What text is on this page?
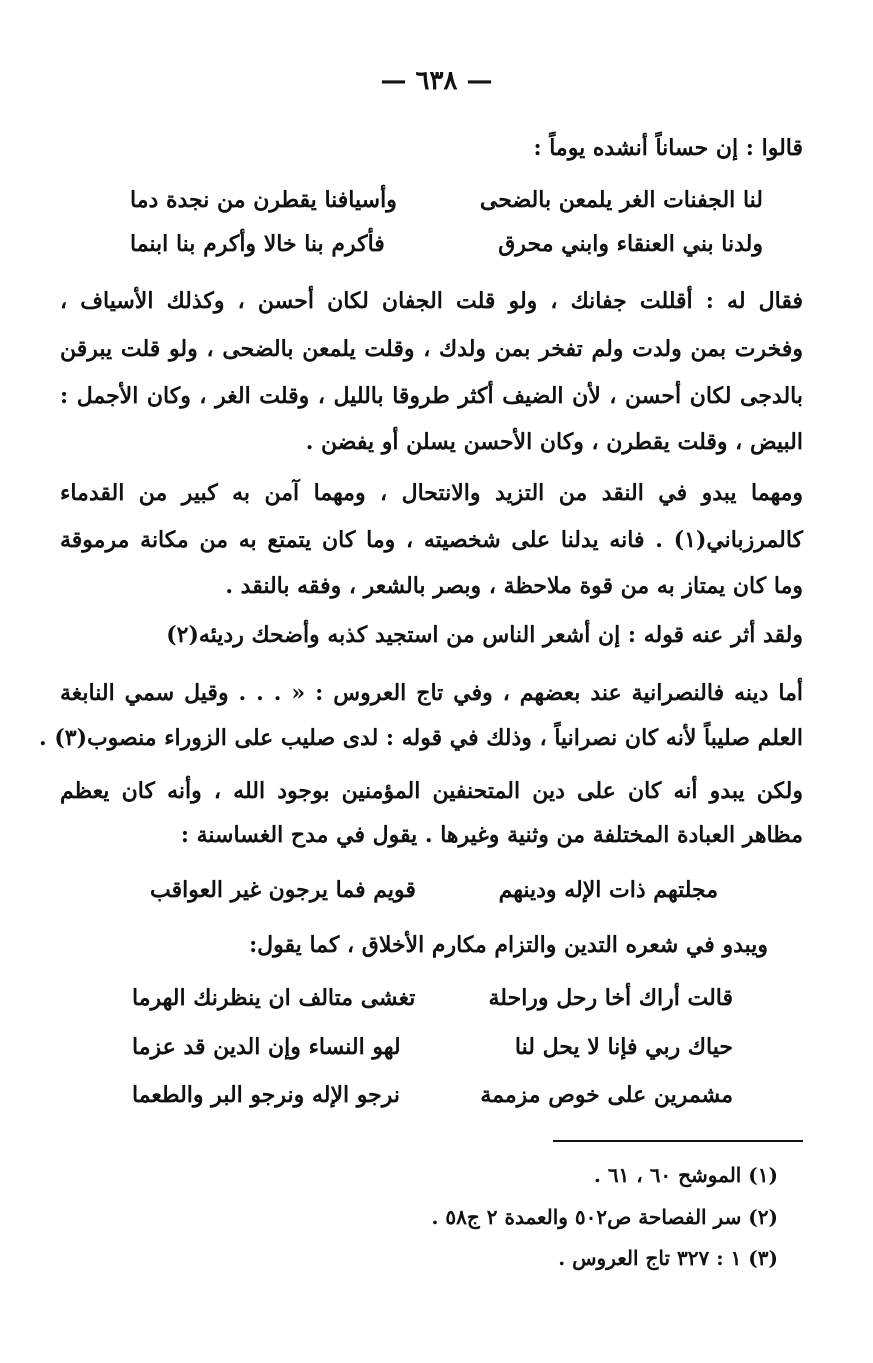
— ٦٣٨ —
قالوا : إن حساناً أنشده يوماً :
لنا الجفنات الغر يلمعن بالضحى
وأسيافنا يقطرن من نجدة دما
ولدنا بني العنقاء وابني محرق
فأكرم بنا خالا وأكرم بنا ابنما
فقال له : أقللت جفانك ، ولو قلت الجفان لكان أحسن ، وكذلك الأسياف ،
وفخرت بمن ولدت ولم تفخر بمن ولدك ، وقلت يلمعن بالضحى ، ولو قلت يبرقن
بالدجى لكان أحسن ، لأن الضيف أكثر طروقا بالليل ، وقلت الغر ، وكان الأجمل :
البيض ، وقلت يقطرن ، وكان الأحسن يسلن أو يفضن .
ومهما يبدو في النقد من التزيد والانتحال ، ومهما آمن به كبير من القدماء
كالمرزباني(١) . فانه يدلنا على شخصيته ، وما كان يتمتع به من مكانة مرموقة
وما كان يمتاز به من قوة ملاحظة ، وبصر بالشعر ، وفقه بالنقد .
ولقد أثر عنه قوله : إن أشعر الناس من استجيد كذبه وأضحك رديئه(٢)
أما دينه فالنصرانية عند بعضهم ، وفي تاج العروس : « . . . وقيل سمي النابغة
العلم صليباً لأنه كان نصرانياً ، وذلك في قوله : لدى صليب على الزوراء منصوب(٣) .
ولكن يبدو أنه كان على دين المتحنفين المؤمنين بوجود الله ، وأنه كان يعظم
مظاهر العبادة المختلفة من وثنية وغيرها . يقول في مدح الغساسنة :
مجلتهم ذات الإله ودينهم
قويم فما يرجون غير العواقب
ويبدو في شعره التدين والتزام مكارم الأخلاق ، كما يقول:
قالت أراك أخا رحل وراحلة
تغشى متالف ان ينظرنك الهرما
حياك ربي فإنا لا يحل لنا
لهو النساء وإن الدين قد عزما
مشمرين على خوص مزممة
نرجو الإله ونرجو البر والطعما
(١) الموشح ٦٠ ، ٦١ .
(٢) سر الفصاحة ص٥٠٢ والعمدة ٢ ج٥٨ .
(٣) ١ : ٣٢٧ تاج العروس .
